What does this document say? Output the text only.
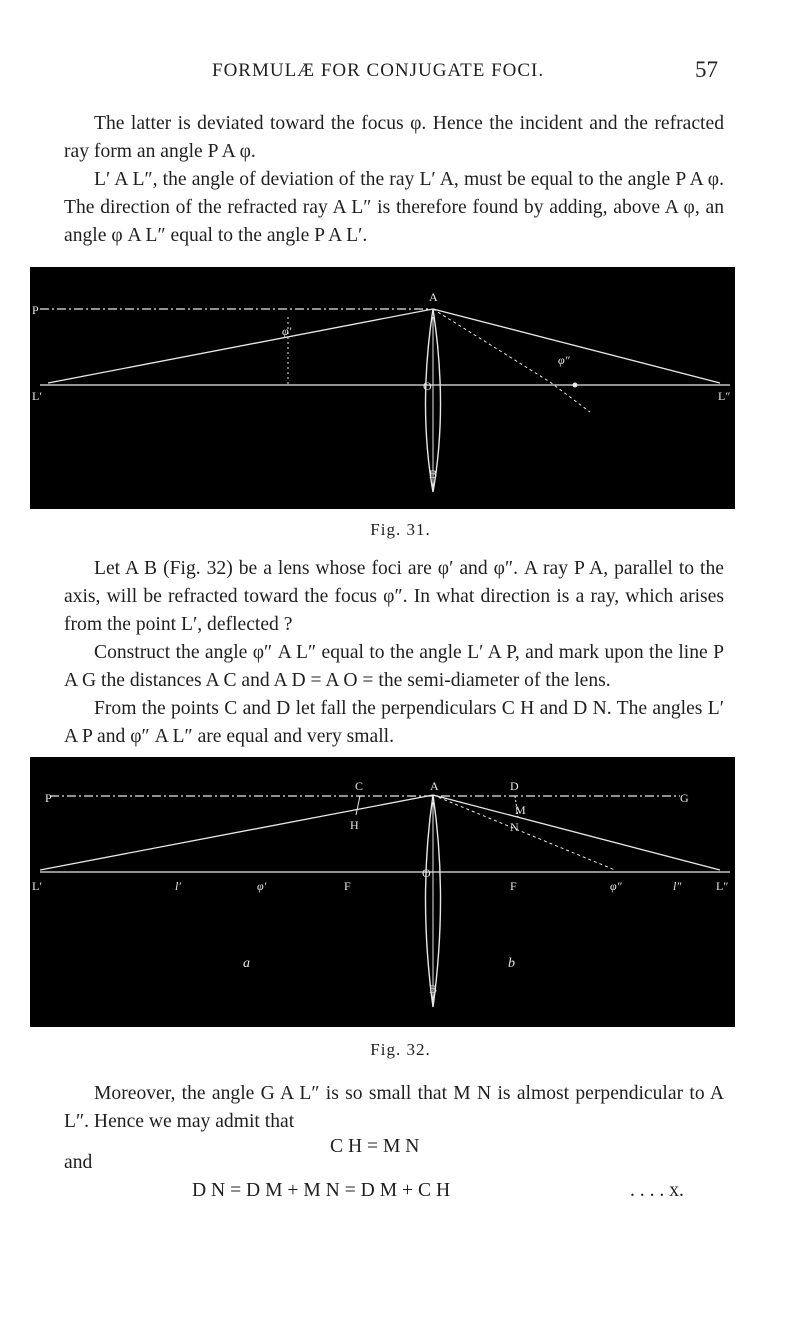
FORMULÆ FOR CONJUGATE FOCI.	57

The latter is deviated toward the focus φ. Hence the incident and the refracted ray form an angle P A φ.

L′ A L″, the angle of deviation of the ray L′ A, must be equal to the angle P A φ. The direction of the refracted ray A L″ is therefore found by adding, above A φ, an angle φ A L″ equal to the angle P A L′.

P
A
O
B
L′	L″
φ′
φ″
Fig. 31.

Let A B (Fig. 32) be a lens whose foci are φ′ and φ″. A ray P A, parallel to the axis, will be refracted toward the focus φ″. In what direction is a ray, which arises from the point L′, deflected ?

Construct the angle φ″ A L″ equal to the angle L′ A P, and mark upon the line P A G the distances A C and A D = A O = the semi-diameter of the lens.

From the points C and D let fall the perpendiculars C H and D N. The angles L′ A P and φ″ A L″ are equal and very small.

P
C	A	D
G
H
M
N
O
B
L′	l′	φ′	F	F	φ″	l″	L″
a	b
Fig. 32.

Moreover, the angle G A L″ is so small that M N is almost perpendicular to A L″. Hence we may admit that

C H = M N
and
D N = D M + M N = D M + C H	. . . . x.
